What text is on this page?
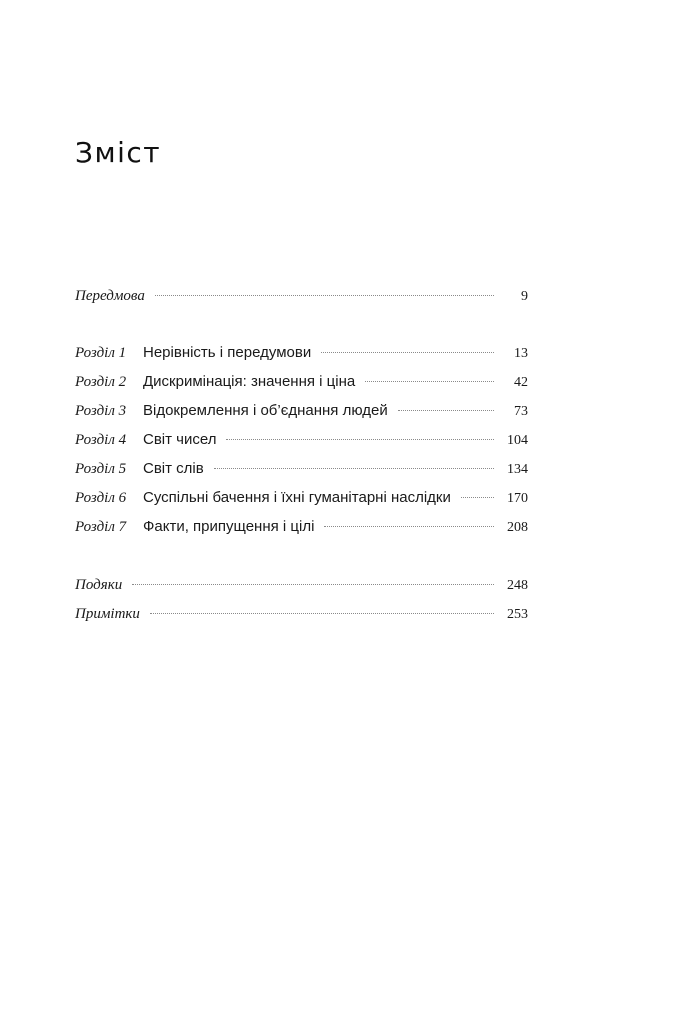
Зміст
Передмова	9
Розділ 1	Нерівність і передумови	13
Розділ 2	Дискримінація: значення і ціна	42
Розділ 3	Відокремлення і об’єднання людей	73
Розділ 4	Світ чисел	104
Розділ 5	Світ слів	134
Розділ 6	Суспільні бачення і їхні гуманітарні наслідки	170
Розділ 7	Факти, припущення і цілі	208
Подяки	248
Примітки	253
